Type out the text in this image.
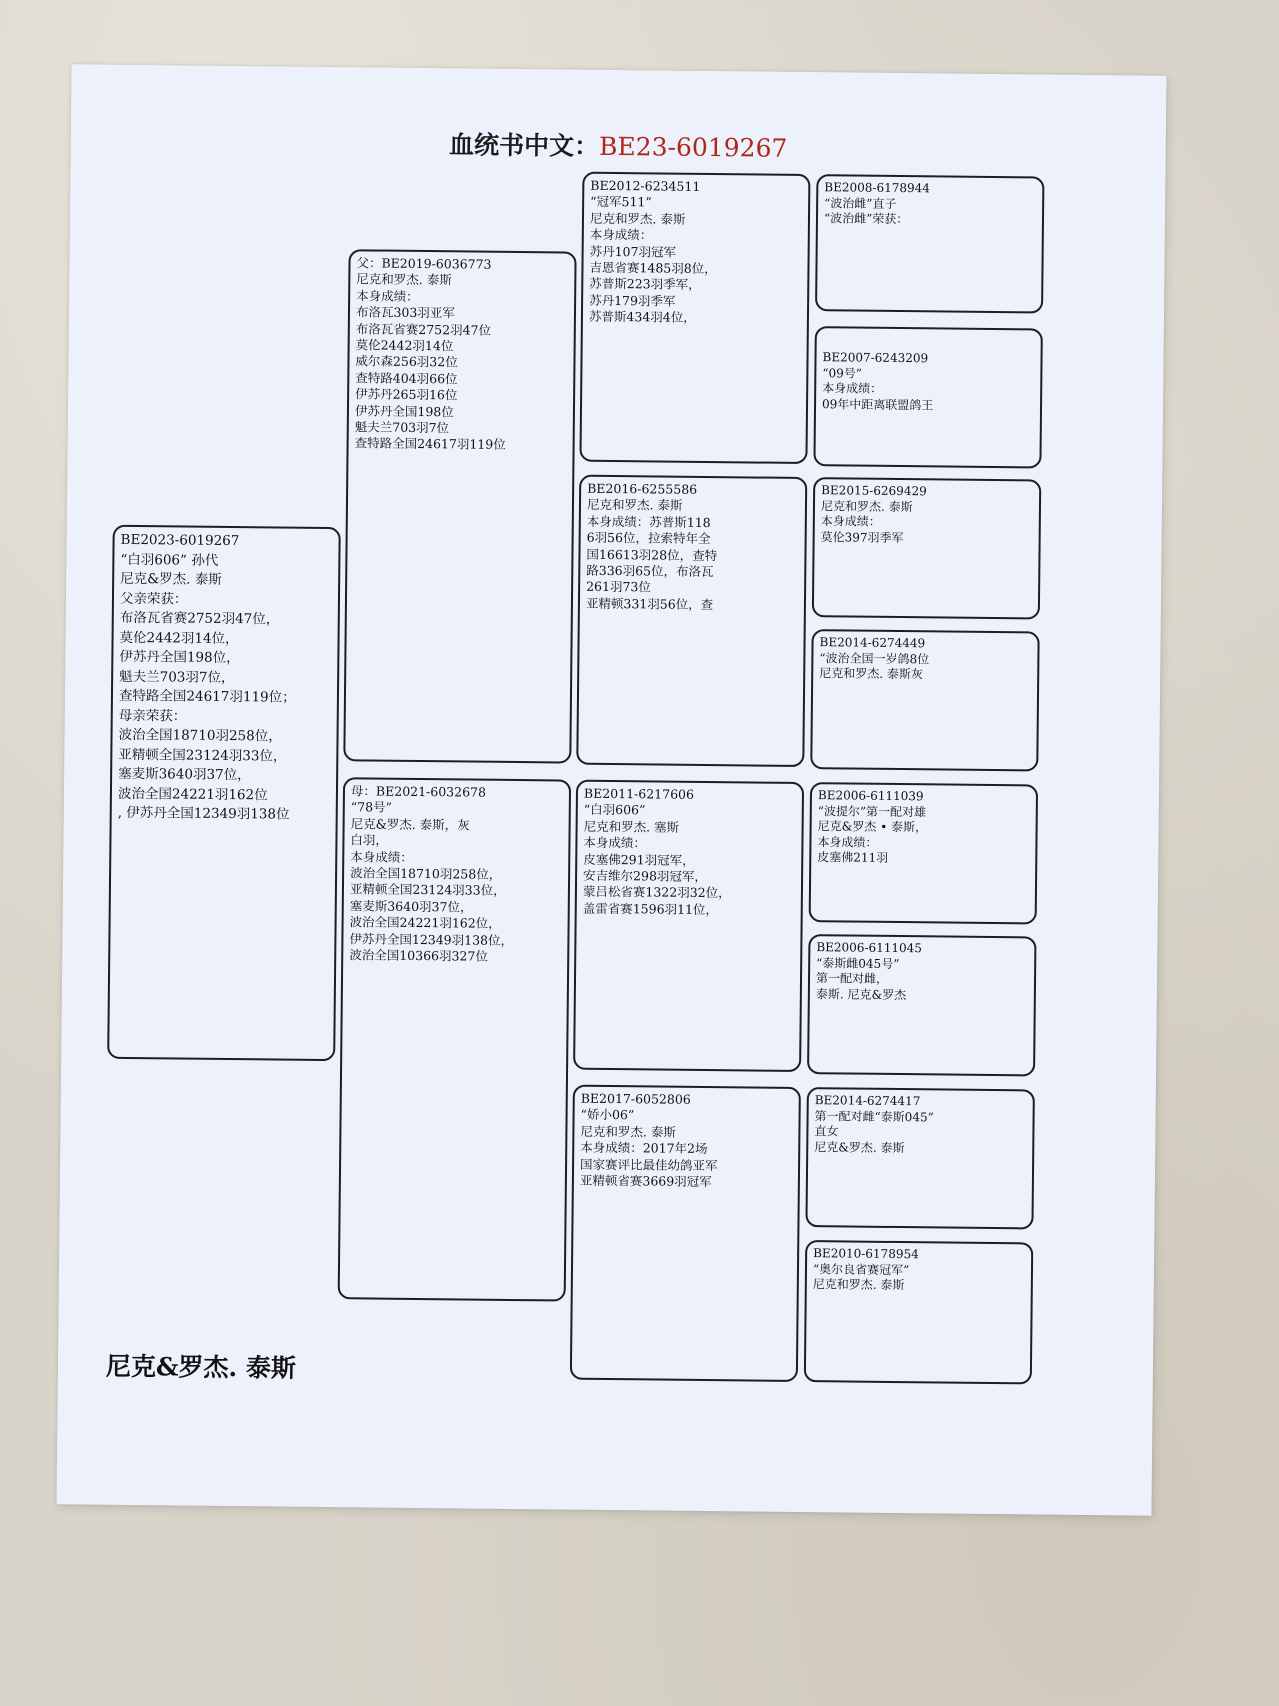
血统书中文：BE23-6019267
BE2023-6019267
“白羽606” 孙代
尼克&罗杰. 泰斯
父亲荣获：
布洛瓦省赛2752羽47位，
莫伦2442羽14位，
伊苏丹全国198位，
魁夫兰703羽7位，
查特路全国24617羽119位；
母亲荣获：
波治全国18710羽258位，
亚精顿全国23124羽33位，
塞麦斯3640羽37位，
波治全国24221羽162位
, 伊苏丹全国12349羽138位
父：BE2019-6036773
尼克和罗杰. 泰斯
本身成绩：
布洛瓦303羽亚军
布洛瓦省赛2752羽47位
莫伦2442羽14位
威尔森256羽32位
查特路404羽66位
伊苏丹265羽16位
伊苏丹全国198位
魁夫兰703羽7位
查特路全国24617羽119位
母：BE2021-6032678
“78号”
尼克&罗杰. 泰斯，灰
白羽，
本身成绩：
波治全国18710羽258位，
亚精顿全国23124羽33位，
塞麦斯3640羽37位，
波治全国24221羽162位，
伊苏丹全国12349羽138位，
波治全国10366羽327位
BE2012-6234511
“冠军511”
尼克和罗杰. 泰斯
本身成绩：
苏丹107羽冠军
吉恩省赛1485羽8位，
苏普斯223羽季军，
苏丹179羽季军
苏普斯434羽4位，
BE2016-6255586
尼克和罗杰. 泰斯
本身成绩：苏普斯118
6羽56位，拉索特年全
国16613羽28位，查特
路336羽65位，布洛瓦
261羽73位
亚精顿331羽56位，查
BE2011-6217606
“白羽606”
尼克和罗杰. 塞斯
本身成绩：
皮塞佛291羽冠军，
安吉维尔298羽冠军，
蒙吕松省赛1322羽32位，
盖雷省赛1596羽11位，
BE2017-6052806
“娇小06”
尼克和罗杰. 泰斯
本身成绩：2017年2场
国家赛评比最佳幼鸽亚军
亚精顿省赛3669羽冠军
BE2008-6178944
“波治雌”直子
“波治雌”荣获：
BE2007-6243209
“09号”
本身成绩：
09年中距离联盟鸽王
BE2015-6269429
尼克和罗杰. 泰斯
本身成绩：
莫伦397羽季军
BE2014-6274449
“波治全国一岁鸽8位
尼克和罗杰. 泰斯灰
BE2006-6111039
“波提尔”第一配对雄
尼克&罗杰 • 泰斯，
本身成绩：
皮塞佛211羽
BE2006-6111045
“泰斯雌045号”
第一配对雌，
泰斯. 尼克&罗杰
BE2014-6274417
第一配对雌“泰斯045”
直女
尼克&罗杰. 泰斯
BE2010-6178954
“奥尔良省赛冠军”
尼克和罗杰. 泰斯
尼克&罗杰. 泰斯
